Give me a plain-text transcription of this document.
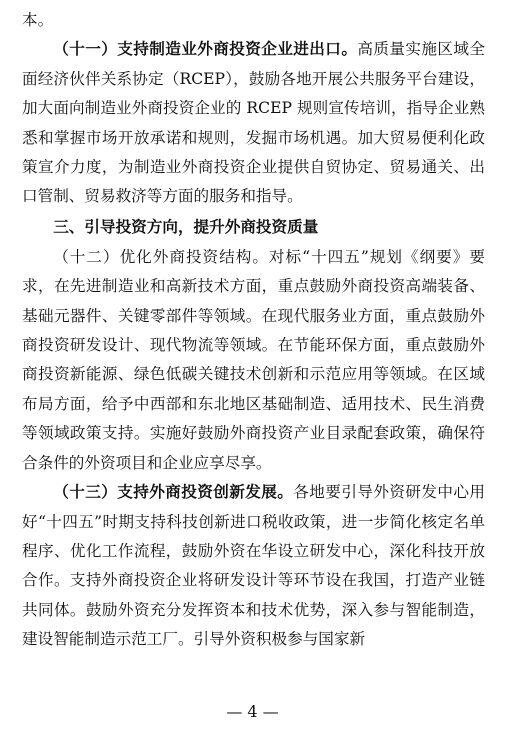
本。

（十一）支持制造业外商投资企业进出口。高质量实施区域全面经济伙伴关系协定（RCEP），鼓励各地开展公共服务平台建设，加大面向制造业外商投资企业的 RCEP 规则宣传培训，指导企业熟悉和掌握市场开放承诺和规则，发掘市场机遇。加大贸易便利化政策宣介力度，为制造业外商投资企业提供自贸协定、贸易通关、出口管制、贸易救济等方面的服务和指导。

三、引导投资方向，提升外商投资质量

（十二）优化外商投资结构。对标“十四五”规划《纲要》要求，在先进制造业和高新技术方面，重点鼓励外商投资高端装备、基础元器件、关键零部件等领域。在现代服务业方面，重点鼓励外商投资研发设计、现代物流等领域。在节能环保方面，重点鼓励外商投资新能源、绿色低碳关键技术创新和示范应用等领域。在区域布局方面，给予中西部和东北地区基础制造、适用技术、民生消费等领域政策支持。实施好鼓励外商投资产业目录配套政策，确保符合条件的外资项目和企业应享尽享。

（十三）支持外商投资创新发展。各地要引导外资研发中心用好“十四五”时期支持科技创新进口税收政策，进一步简化核定名单程序、优化工作流程，鼓励外资在华设立研发中心，深化科技开放合作。支持外商投资企业将研发设计等环节设在我国，打造产业链共同体。鼓励外资充分发挥资本和技术优势，深入参与智能制造，建设智能制造示范工厂。引导外资积极参与国家新

— 4 —
